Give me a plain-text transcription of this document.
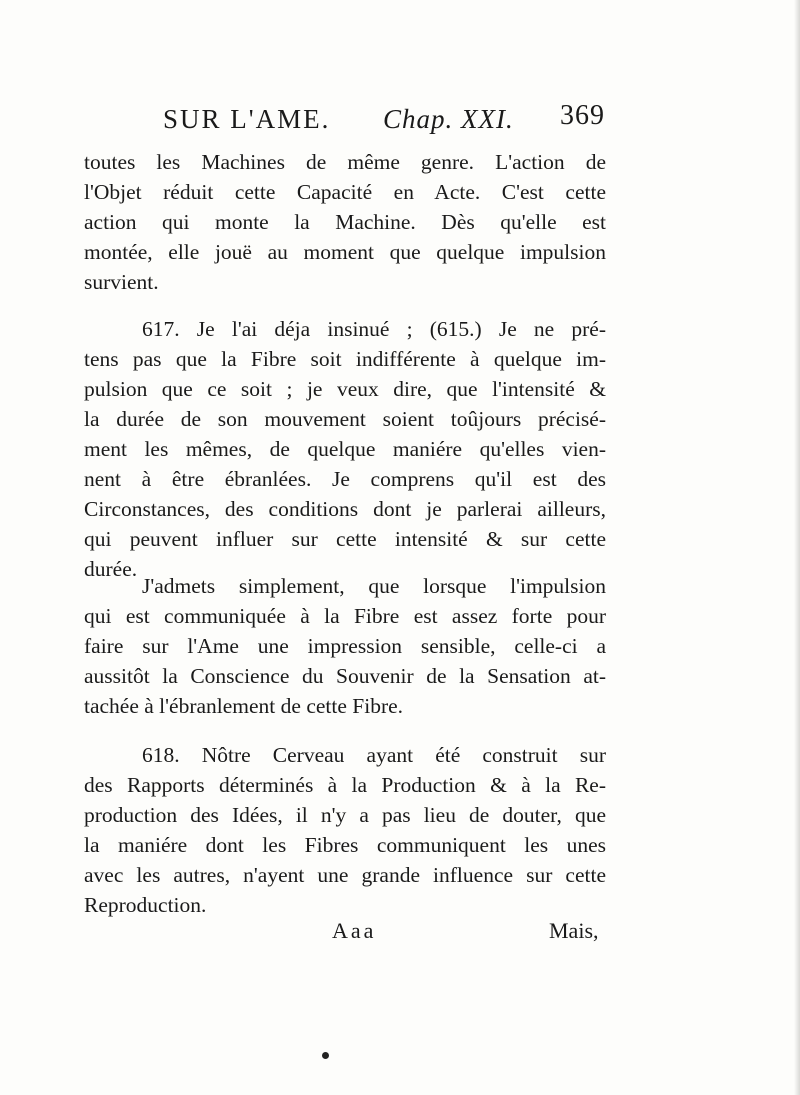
SUR L'AME. Chap. XXI. 369
toutes les Machines de même genre. L'action de
l'Objet réduit cette Capacité en Acte. C'est cette
action qui monte la Machine. Dès qu'elle est
montée, elle jouë au moment que quelque impulsion
survient.
617. Je l'ai déja insinué ; (615.) Je ne pré-
tens pas que la Fibre soit indifférente à quelque im-
pulsion que ce soit ; je veux dire, que l'intensité &
la durée de son mouvement soient toûjours précisé-
ment les mêmes, de quelque maniére qu'elles vien-
nent à être ébranlées. Je comprens qu'il est des
Circonstances, des conditions dont je parlerai ailleurs,
qui peuvent influer sur cette intensité & sur cette
durée.
J'admets simplement, que lorsque l'impulsion
qui est communiquée à la Fibre est assez forte pour
faire sur l'Ame une impression sensible, celle-ci a
aussitôt la Conscience du Souvenir de la Sensation at-
tachée à l'ébranlement de cette Fibre.
618. Nôtre Cerveau ayant été construit sur
des Rapports déterminés à la Production & à la Re-
production des Idées, il n'y a pas lieu de douter, que
la maniére dont les Fibres communiquent les unes
avec les autres, n'ayent une grande influence sur cette
Reproduction.
Aaa	Mais,
